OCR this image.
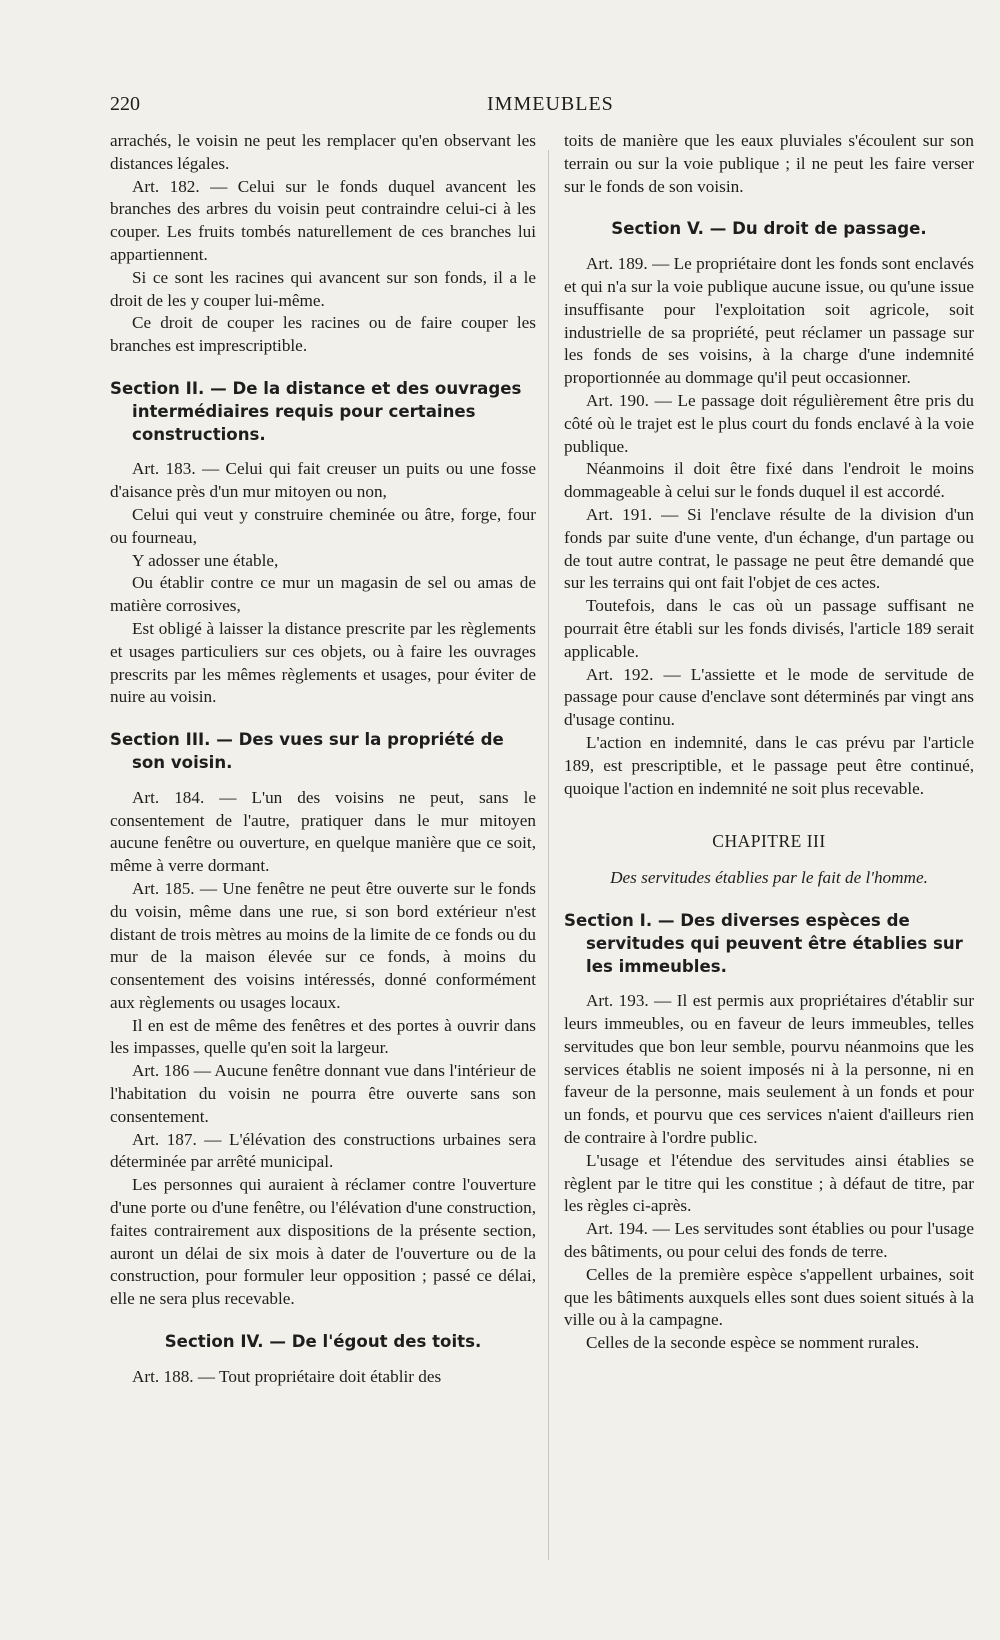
220	IMMEUBLES

arrachés, le voisin ne peut les remplacer qu'en observant les distances légales.

Art. 182. — Celui sur le fonds duquel avancent les branches des arbres du voisin peut contraindre celui-ci à les couper. Les fruits tombés naturellement de ces branches lui appartiennent.

Si ce sont les racines qui avancent sur son fonds, il a le droit de les y couper lui-même.

Ce droit de couper les racines ou de faire couper les branches est imprescriptible.

Section II. — De la distance et des ouvrages intermédiaires requis pour certaines constructions.

Art. 183. — Celui qui fait creuser un puits ou une fosse d'aisance près d'un mur mitoyen ou non,

Celui qui veut y construire cheminée ou âtre, forge, four ou fourneau,

Y adosser une étable,

Ou établir contre ce mur un magasin de sel ou amas de matière corrosives,

Est obligé à laisser la distance prescrite par les règlements et usages particuliers sur ces objets, ou à faire les ouvrages prescrits par les mêmes règlements et usages, pour éviter de nuire au voisin.

Section III. — Des vues sur la propriété de son voisin.

Art. 184. — L'un des voisins ne peut, sans le consentement de l'autre, pratiquer dans le mur mitoyen aucune fenêtre ou ouverture, en quelque manière que ce soit, même à verre dormant.

Art. 185. — Une fenêtre ne peut être ouverte sur le fonds du voisin, même dans une rue, si son bord extérieur n'est distant de trois mètres au moins de la limite de ce fonds ou du mur de la maison élevée sur ce fonds, à moins du consentement des voisins intéressés, donné conformément aux règlements ou usages locaux.

Il en est de même des fenêtres et des portes à ouvrir dans les impasses, quelle qu'en soit la largeur.

Art. 186 — Aucune fenêtre donnant vue dans l'intérieur de l'habitation du voisin ne pourra être ouverte sans son consentement.

Art. 187. — L'élévation des constructions urbaines sera déterminée par arrêté municipal.

Les personnes qui auraient à réclamer contre l'ouverture d'une porte ou d'une fenêtre, ou l'élévation d'une construction, faites contrairement aux dispositions de la présente section, auront un délai de six mois à dater de l'ouverture ou de la construction, pour formuler leur opposition ; passé ce délai, elle ne sera plus recevable.

Section IV. — De l'égout des toits.

Art. 188. — Tout propriétaire doit établir des

toits de manière que les eaux pluviales s'écoulent sur son terrain ou sur la voie publique ; il ne peut les faire verser sur le fonds de son voisin.

Section V. — Du droit de passage.

Art. 189. — Le propriétaire dont les fonds sont enclavés et qui n'a sur la voie publique aucune issue, ou qu'une issue insuffisante pour l'exploitation soit agricole, soit industrielle de sa propriété, peut réclamer un passage sur les fonds de ses voisins, à la charge d'une indemnité proportionnée au dommage qu'il peut occasionner.

Art. 190. — Le passage doit régulièrement être pris du côté où le trajet est le plus court du fonds enclavé à la voie publique.

Néanmoins il doit être fixé dans l'endroit le moins dommageable à celui sur le fonds duquel il est accordé.

Art. 191. — Si l'enclave résulte de la division d'un fonds par suite d'une vente, d'un échange, d'un partage ou de tout autre contrat, le passage ne peut être demandé que sur les terrains qui ont fait l'objet de ces actes.

Toutefois, dans le cas où un passage suffisant ne pourrait être établi sur les fonds divisés, l'article 189 serait applicable.

Art. 192. — L'assiette et le mode de servitude de passage pour cause d'enclave sont déterminés par vingt ans d'usage continu.

L'action en indemnité, dans le cas prévu par l'article 189, est prescriptible, et le passage peut être continué, quoique l'action en indemnité ne soit plus recevable.

CHAPITRE III
Des servitudes établies par le fait de l'homme.
Section I. — Des diverses espèces de servitudes qui peuvent être établies sur les immeubles.

Art. 193. — Il est permis aux propriétaires d'établir sur leurs immeubles, ou en faveur de leurs immeubles, telles servitudes que bon leur semble, pourvu néanmoins que les services établis ne soient imposés ni à la personne, ni en faveur de la personne, mais seulement à un fonds et pour un fonds, et pourvu que ces services n'aient d'ailleurs rien de contraire à l'ordre public.

L'usage et l'étendue des servitudes ainsi établies se règlent par le titre qui les constitue ; à défaut de titre, par les règles ci-après.

Art. 194. — Les servitudes sont établies ou pour l'usage des bâtiments, ou pour celui des fonds de terre.

Celles de la première espèce s'appellent urbaines, soit que les bâtiments auxquels elles sont dues soient situés à la ville ou à la campagne.

Celles de la seconde espèce se nomment rurales.
